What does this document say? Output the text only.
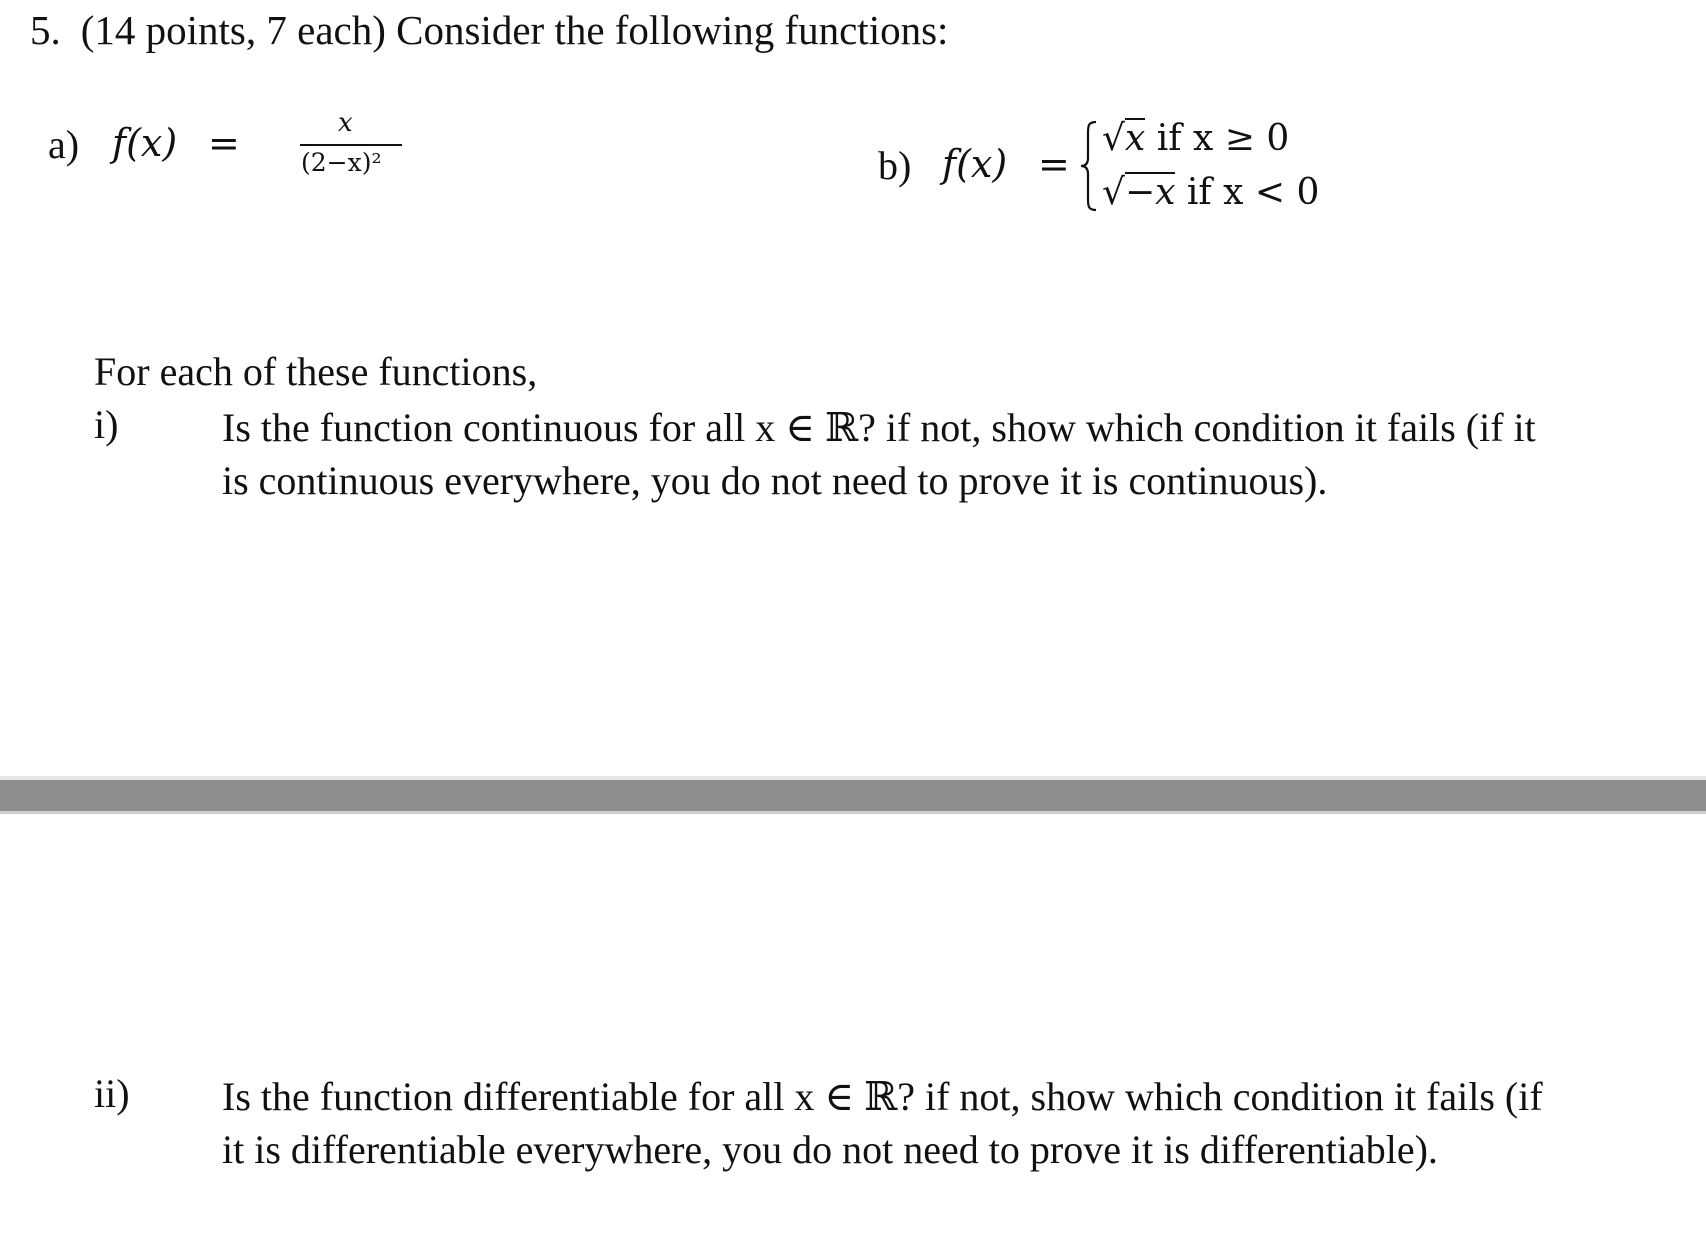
5. (14 points, 7 each) Consider the following functions:
a) f(x) =	x
(2−x)²	b) f(x) =
√x if x ≥ 0
√−x if x < 0
For each of these functions,
i)	Is the function continuous for all x ∈ ℝ? if not, show which condition it fails (if it
is continuous everywhere, you do not need to prove it is continuous).
ii) Is the function differentiable for all x ∈ ℝ? if not, show which condition it fails (if
it is differentiable everywhere, you do not need to prove it is differentiable).
